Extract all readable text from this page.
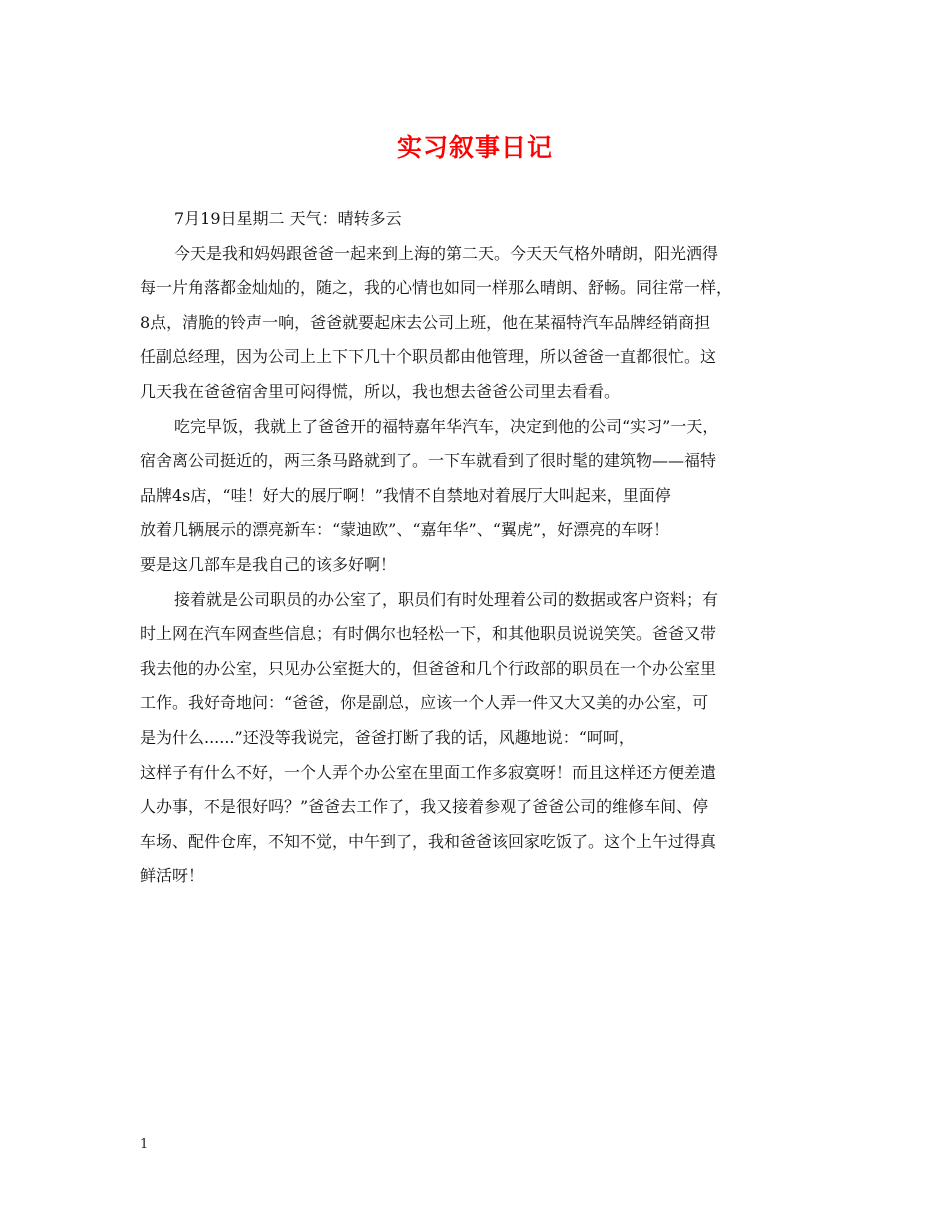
实习叙事日记
7月19日星期二 天气：晴转多云
今天是我和妈妈跟爸爸一起来到上海的第二天。今天天气格外晴朗，阳光洒得
每一片角落都金灿灿的，随之，我的心情也如同一样那么晴朗、舒畅。同往常一样，
8点，清脆的铃声一响，爸爸就要起床去公司上班，他在某福特汽车品牌经销商担
任副总经理，因为公司上上下下几十个职员都由他管理，所以爸爸一直都很忙。这
几天我在爸爸宿舍里可闷得慌，所以，我也想去爸爸公司里去看看。
吃完早饭，我就上了爸爸开的福特嘉年华汽车，决定到他的公司“实习”一天，
宿舍离公司挺近的，两三条马路就到了。一下车就看到了很时髦的建筑物——福特
品牌4s店，“哇！好大的展厅啊！”我情不自禁地对着展厅大叫起来，里面停
放着几辆展示的漂亮新车：“蒙迪欧”、“嘉年华”、“翼虎”，好漂亮的车呀！
要是这几部车是我自己的该多好啊！
接着就是公司职员的办公室了，职员们有时处理着公司的数据或客户资料；有
时上网在汽车网查些信息；有时偶尔也轻松一下，和其他职员说说笑笑。爸爸又带
我去他的办公室，只见办公室挺大的，但爸爸和几个行政部的职员在一个办公室里
工作。我好奇地问：“爸爸，你是副总，应该一个人弄一件又大又美的办公室，可
是为什么......”还没等我说完，爸爸打断了我的话，风趣地说：“呵呵，
这样子有什么不好，一个人弄个办公室在里面工作多寂寞呀！而且这样还方便差遣
人办事，不是很好吗？”爸爸去工作了，我又接着参观了爸爸公司的维修车间、停
车场、配件仓库，不知不觉，中午到了，我和爸爸该回家吃饭了。这个上午过得真
鲜活呀！
1
